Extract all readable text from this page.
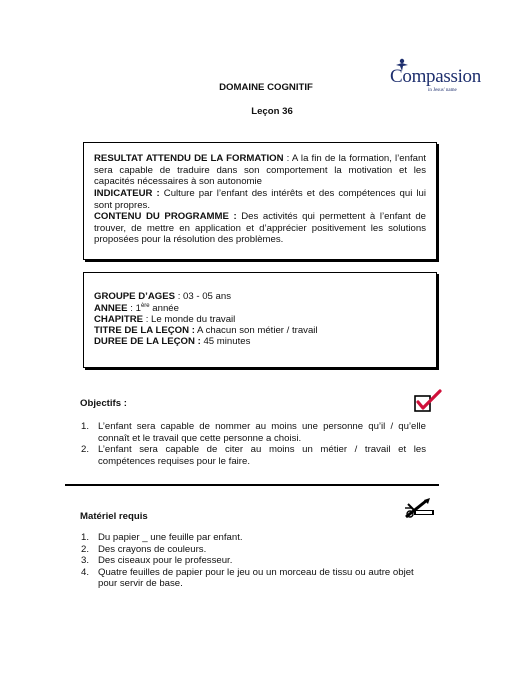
DOMAINE COGNITIF
Leçon 36
Compassion
in Jesus' name
RESULTAT ATTENDU DE LA FORMATION : A la fin de la formation, l’enfant sera capable de traduire dans son comportement la motivation et les capacités nécessaires à son autonomie
INDICATEUR : Culture par l’enfant des intérêts et des compétences qui lui sont propres.
CONTENU DU PROGRAMME : Des activités qui permettent à l’enfant de trouver, de mettre en application et d’apprécier positivement les solutions proposées pour la résolution des problèmes.
GROUPE D’AGES : 03 - 05 ans
ANNEE : 1ère année
CHAPITRE : Le monde du travail
TITRE DE LA LEÇON : A chacun son métier / travail
DUREE DE LA LEÇON : 45 minutes
Objectifs :
1. L’enfant sera capable de nommer au moins une personne qu’il / qu’elle connaît et le travail que cette personne a choisi.
2. L’enfant sera capable de citer au moins un métier / travail et les compétences requises pour le faire.
Matériel requis
1. Du papier _ une feuille par enfant.
2. Des crayons de couleurs.
3. Des ciseaux pour le professeur.
4. Quatre feuilles de papier pour le jeu ou un morceau de tissu ou autre objet pour servir de base.
